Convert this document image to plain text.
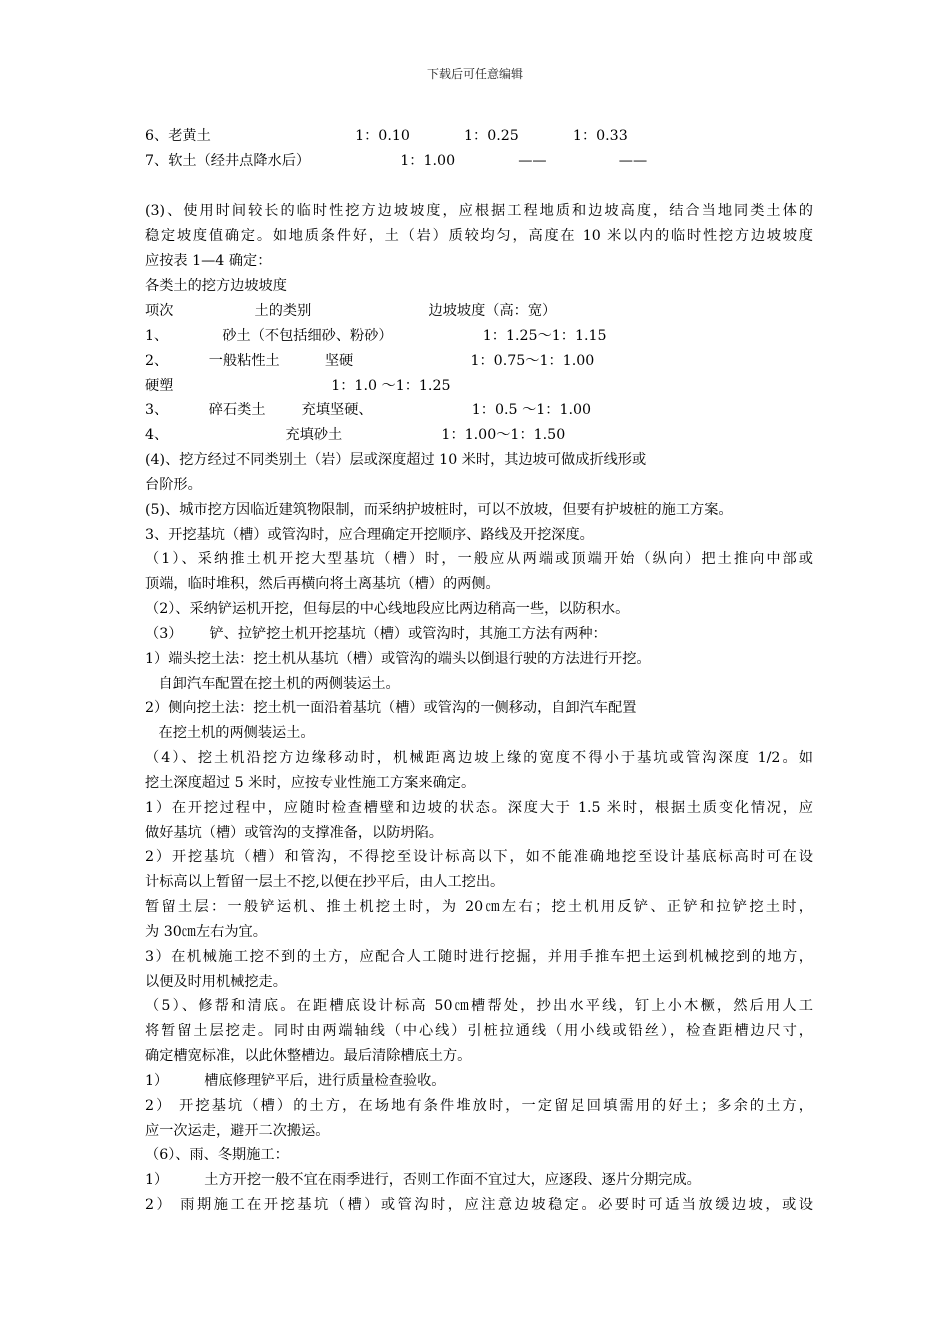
下载后可任意编辑
6、老黄土                                1：0.10            1：0.25            1：0.33
7、软土（经井点降水后）                    1：1.00              ——                ——
(3)、使用时间较长的临时性挖方边坡坡度，应根据工程地质和边坡高度，结合当地同类土体的
稳定坡度值确定。如地质条件好，土（岩）质较均匀，高度在 10 米以内的临时性挖方边坡坡度
应按表 1—4 确定：
各类土的挖方边坡坡度
项次                  土的类别                          边坡坡度（高：宽）
1、            砂土（不包括细砂、粉砂）                    1：1.25～1：1.15
2、         一般粘性土          坚硬                          1：0.75～1：1.00
硬塑                                   1：1.0 ～1：1.25
3、         碎石类土        充填坚硬、                      1：0.5 ～1：1.00
4、                          充填砂土                      1：1.00～1：1.50
(4)、挖方经过不同类别土（岩）层或深度超过 10 米时，其边坡可做成折线形或
台阶形。
(5)、城市挖方因临近建筑物限制，而采纳护坡桩时，可以不放坡，但要有护坡桩的施工方案。
3、开挖基坑（槽）或管沟时，应合理确定开挖顺序、路线及开挖深度。
（1）、采纳推土机开挖大型基坑（槽）时，一般应从两端或顶端开始（纵向）把土推向中部或
顶端，临时堆积，然后再横向将土离基坑（槽）的两侧。
（2）、采纳铲运机开挖，但每层的中心线地段应比两边稍高一些，以防积水。
（3）      铲、拉铲挖土机开挖基坑（槽）或管沟时，其施工方法有两种：
1）端头挖土法：挖土机从基坑（槽）或管沟的端头以倒退行驶的方法进行开挖。
自卸汽车配置在挖土机的两侧装运土。
2）侧向挖土法：挖土机一面沿着基坑（槽）或管沟的一侧移动，自卸汽车配置
在挖土机的两侧装运土。
（4）、挖土机沿挖方边缘移动时，机械距离边坡上缘的宽度不得小于基坑或管沟深度 1/2。如
挖土深度超过 5 米时，应按专业性施工方案来确定。
1）在开挖过程中，应随时检查槽壁和边坡的状态。深度大于 1.5 米时，根据土质变化情况，应
做好基坑（槽）或管沟的支撑准备，以防坍陷。
2）开挖基坑（槽）和管沟，不得挖至设计标高以下，如不能准确地挖至设计基底标高时可在设
计标高以上暂留一层土不挖,以便在抄平后，由人工挖出。
暂留土层：一般铲运机、推土机挖土时，为 20㎝左右；挖土机用反铲、正铲和拉铲挖土时，
为 30㎝左右为宜。
3）在机械施工挖不到的土方，应配合人工随时进行挖掘，并用手推车把土运到机械挖到的地方，
以便及时用机械挖走。
（5）、修帮和清底。在距槽底设计标高 50㎝槽帮处，抄出水平线，钉上小木橛，然后用人工
将暂留土层挖走。同时由两端轴线（中心线）引桩拉通线（用小线或铅丝），检查距槽边尺寸，
确定槽宽标准，以此休整槽边。最后清除槽底土方。
1）        槽底修理铲平后，进行质量检查验收。
2） 开挖基坑（槽）的土方，在场地有条件堆放时，一定留足回填需用的好土；多余的土方，
应一次运走，避开二次搬运。
（6）、雨、冬期施工：
1）        土方开挖一般不宜在雨季进行，否则工作面不宜过大，应逐段、逐片分期完成。
2） 雨期施工在开挖基坑（槽）或管沟时，应注意边坡稳定。必要时可适当放缓边坡，或设
